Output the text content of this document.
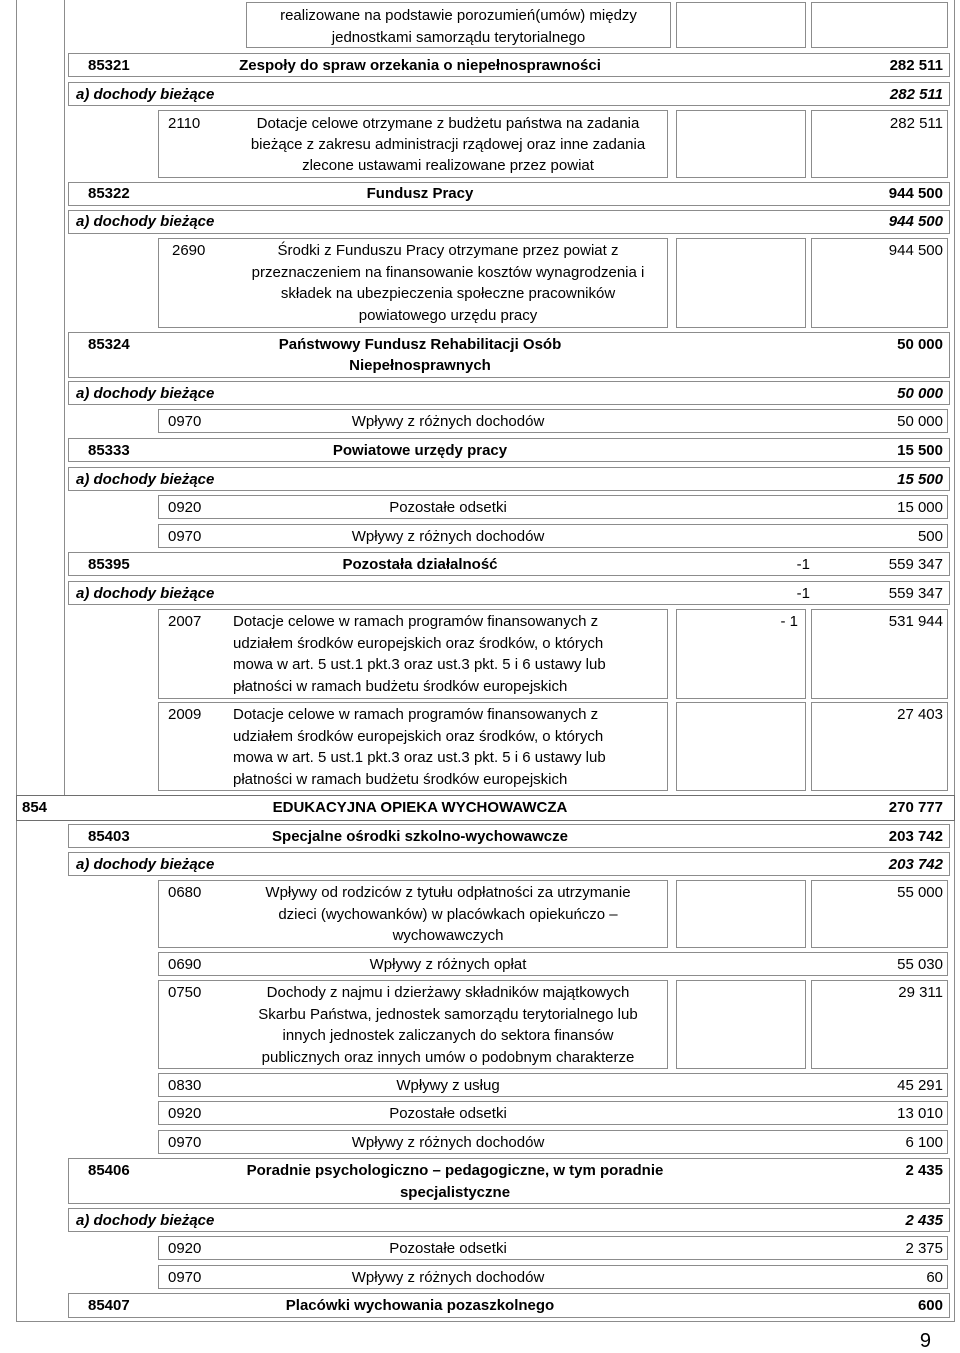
realizowane na podstawie porozumień(umów) między
jednostkami samorządu terytorialnego
85321	Zespoły do spraw orzekania o niepełnosprawności	282 511
a) dochody bieżące	282 511
2110	Dotacje celowe otrzymane z budżetu państwa na zadania
bieżące z zakresu administracji rządowej oraz inne zadania
zlecone ustawami realizowane przez powiat
282 511
85322	Fundusz Pracy	944 500
a) dochody bieżące	944 500
2690	Środki z Funduszu Pracy otrzymane przez powiat z
przeznaczeniem na finansowanie kosztów wynagrodzenia i
składek na ubezpieczenia społeczne pracowników
powiatowego urzędu pracy
944 500
85324	Państwowy Fundusz Rehabilitacji Osób
Niepełnosprawnych
50 000
a) dochody bieżące	50 000
0970	Wpływy z różnych dochodów	50 000
85333	Powiatowe urzędy pracy	15 500
a) dochody bieżące	15 500
0920	Pozostałe odsetki	15 000
0970	Wpływy z różnych dochodów	500
85395	Pozostała działalność	-1	559 347
a) dochody bieżące	-1	559 347
2007 Dotacje celowe w ramach programów finansowanych z
udziałem środków europejskich oraz środków, o których
mowa w art. 5 ust.1 pkt.3 oraz ust.3 pkt. 5 i 6 ustawy lub
płatności w ramach budżetu środków europejskich
- 1	531 944
2009 Dotacje celowe w ramach programów finansowanych z
udziałem środków europejskich oraz środków, o których
mowa w art. 5 ust.1 pkt.3 oraz ust.3 pkt. 5 i 6 ustawy lub
płatności w ramach budżetu środków europejskich
27 403
854	EDUKACYJNA OPIEKA WYCHOWAWCZA	270 777
85403	Specjalne ośrodki szkolno-wychowawcze	203 742
a) dochody bieżące	203 742
0680	Wpływy od rodziców z tytułu odpłatności za utrzymanie
dzieci (wychowanków) w placówkach opiekuńczo –
wychowawczych
55 000
0690	Wpływy z różnych opłat	55 030
0750	Dochody z najmu i dzierżawy składników majątkowych
Skarbu Państwa, jednostek samorządu terytorialnego lub
innych jednostek zaliczanych do sektora finansów
publicznych oraz innych umów o podobnym charakterze
29 311
0830	Wpływy z usług	45 291
0920	Pozostałe odsetki	13 010
0970	Wpływy z różnych dochodów	6 100
85406	Poradnie psychologiczno – pedagogiczne, w tym poradnie
specjalistyczne
2 435
a) dochody bieżące	2 435
0920	Pozostałe odsetki	2 375
0970	Wpływy z różnych dochodów	60
85407	Placówki wychowania pozaszkolnego	600
9
